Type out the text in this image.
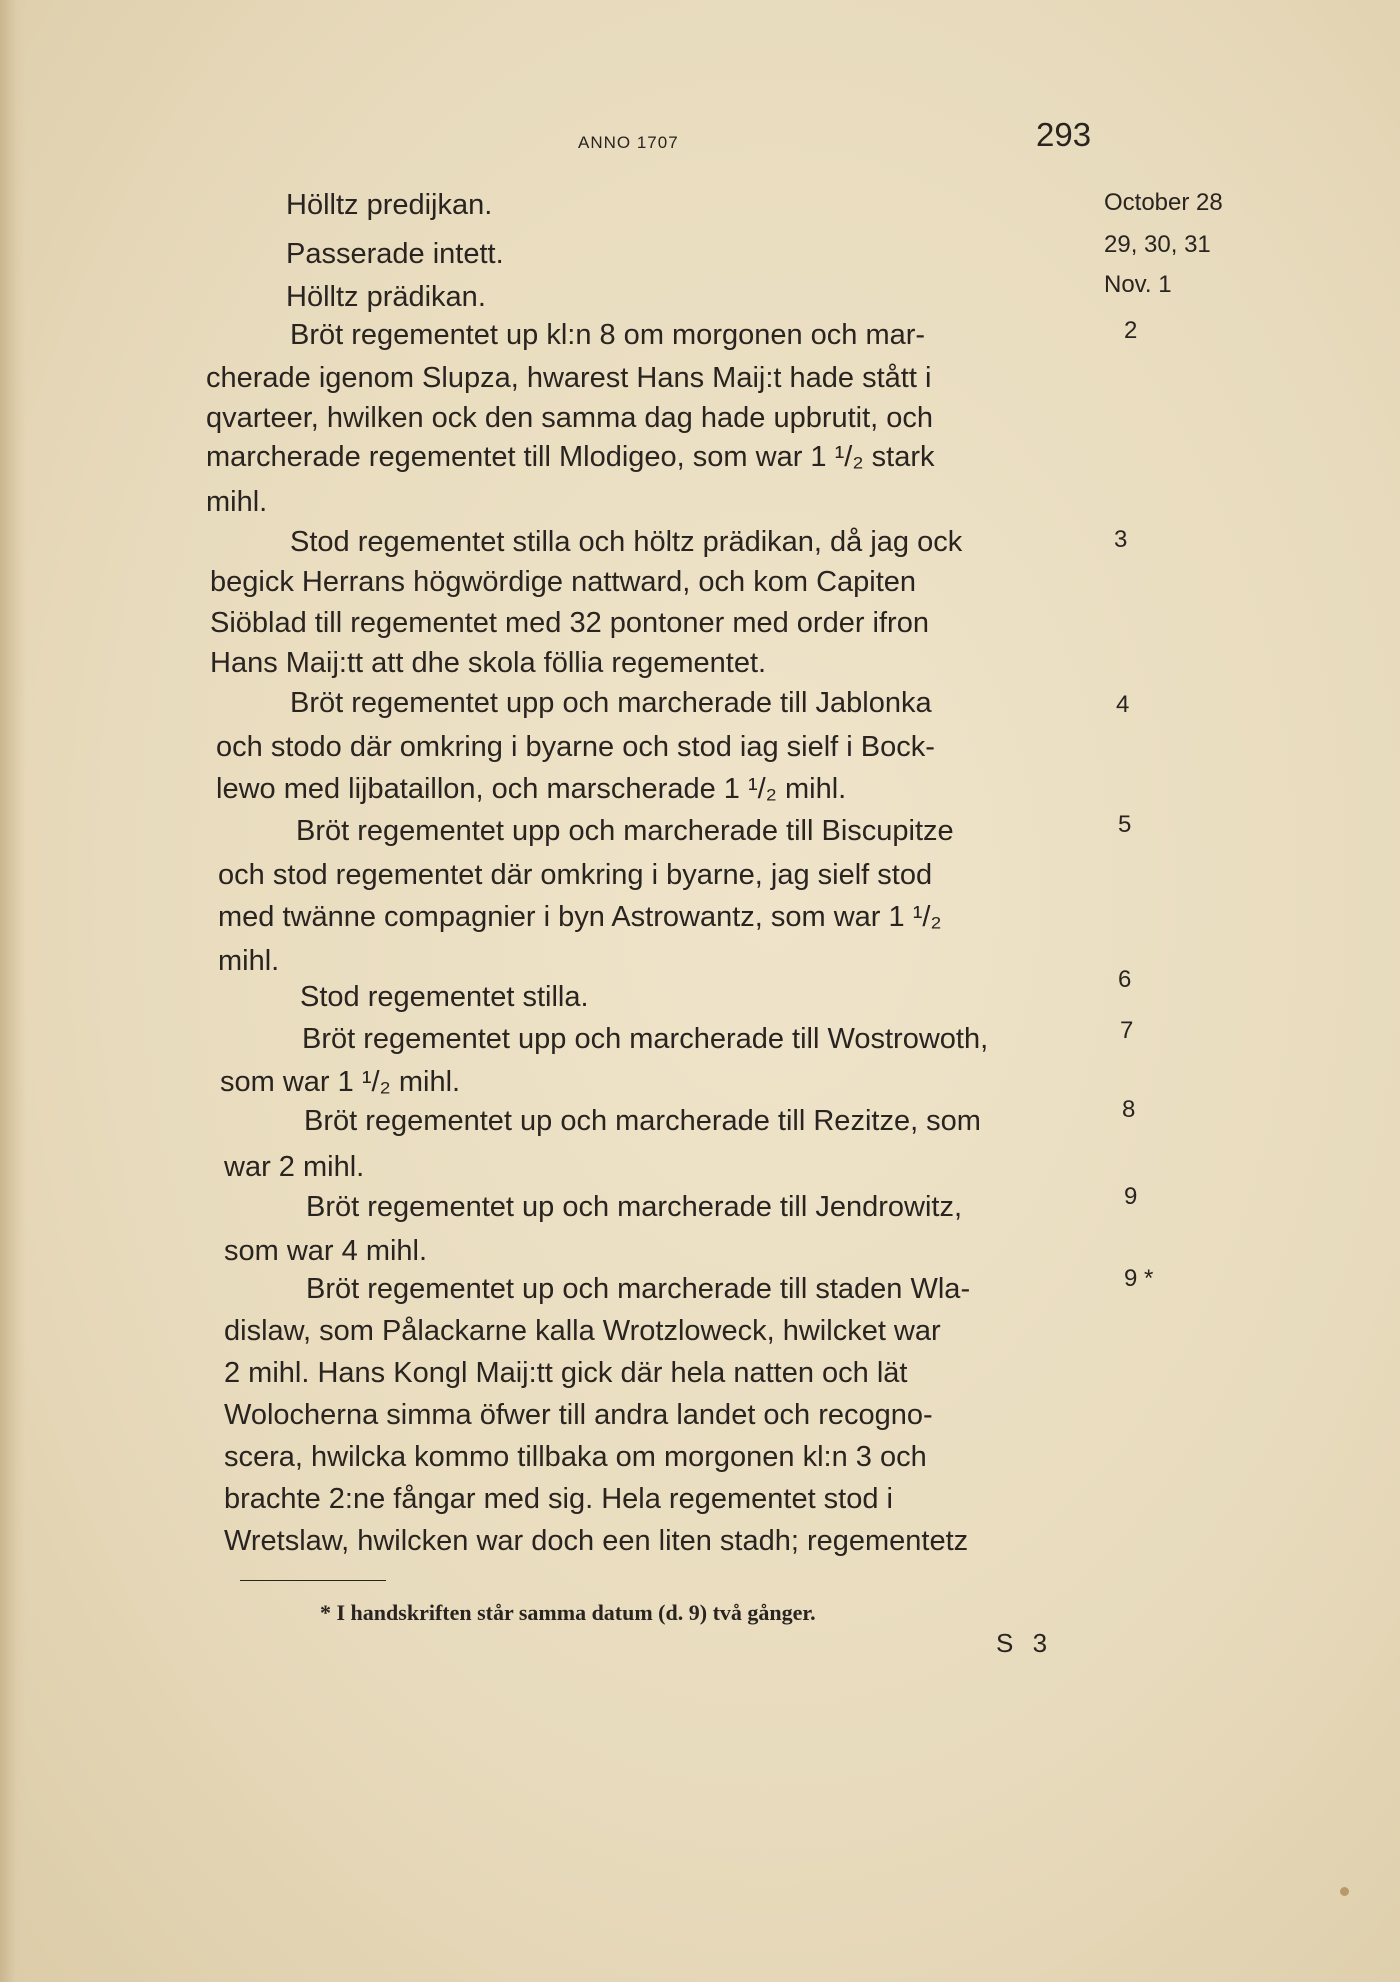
ANNO 1707	293
Hölltz predijkan.
Passerade intett.
Hölltz prädikan.
Bröt regementet up kl:n 8 om morgonen och mar-
cherade igenom Slupza, hwarest Hans Maij:t hade stått i
qvarteer, hwilken ock den samma dag hade upbrutit, och
marcherade regementet till Mlodigeo, som war 1 ¹/₂ stark
mihl.
Stod regementet stilla och höltz prädikan, då jag ock
begick Herrans högwördige nattward, och kom Capiten
Siöblad till regementet med 32 pontoner med order ifron
Hans Maij:tt att dhe skola föllia regementet.
Bröt regementet upp och marcherade till Jablonka
och stodo där omkring i byarne och stod iag sielf i Bock-
lewo med lijbataillon, och marscherade 1 ¹/₂ mihl.
Bröt regementet upp och marcherade till Biscupitze
och stod regementet där omkring i byarne, jag sielf stod
med twänne compagnier i byn Astrowantz, som war 1 ¹/₂
mihl.
Stod regementet stilla.
Bröt regementet upp och marcherade till Wostrowoth,
som war 1 ¹/₂ mihl.
Bröt regementet up och marcherade till Rezitze, som
war 2 mihl.
Bröt regementet up och marcherade till Jendrowitz,
som war 4 mihl.
Bröt regementet up och marcherade till staden Wla-
dislaw, som Pålackarne kalla Wrotzloweck, hwilcket war
2 mihl. Hans Kongl Maij:tt gick där hela natten och lät
Wolocherna simma öfwer till andra landet och recogno-
scera, hwilcka kommo tillbaka om morgonen kl:n 3 och
brachte 2:ne fångar med sig. Hela regementet stod i
Wretslaw, hwilcken war doch een liten stadh; regementetz
October 28
29, 30, 31
Nov. 1
2
3
4
5
6
7
8
9
9 *
* I handskriften står samma datum (d. 9) två gånger.
S 3
